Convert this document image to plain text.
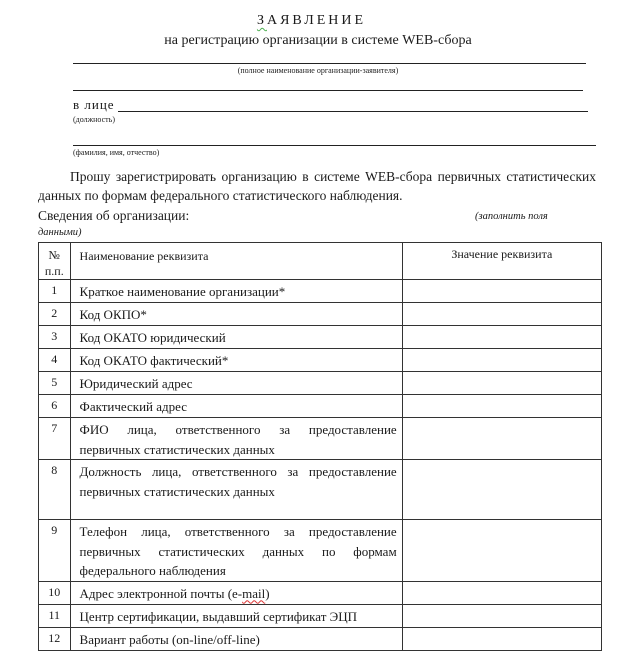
ЗАЯВЛЕНИЕ
на регистрацию организации в системе WEB-сбора
(полное наименование организации-заявителя)
в лице
(должность)
(фамилия, имя, отчество)
Прошу зарегистрировать организацию в системе WEB-сбора первичных статистических данных по формам федерального статистического наблюдения.
Сведения об организации:	(заполнить поля
данными)
№
п.п.	Наименование реквизита	Значение реквизита
1	Краткое наименование организации*	
2	Код ОКПО*	
3	Код ОКАТО юридический	
4	Код ОКАТО фактический*	
5	Юридический адрес	
6	Фактический адрес	
7	ФИО лица, ответственного за предоставление первичных статистических данных	
8	Должность лица, ответственного за предоставление первичных статистических данных	
9	Телефон лица, ответственного за предоставление первичных статистических данных по формам федерального наблюдения	
10	Адрес электронной почты (e-mail)	
11	Центр сертификации, выдавший сертификат ЭЦП	
12	Вариант работы (on-line/off-line)	
